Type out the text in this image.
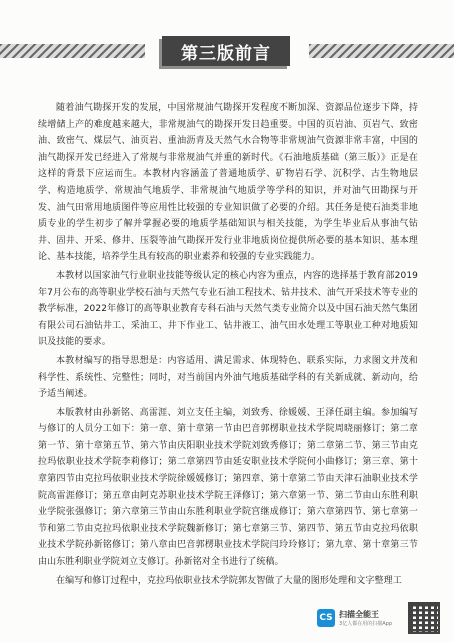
第三版前言

随着油气勘探开发的发展，中国常规油气勘探开发程度不断加深、资源品位逐步下降，持续增储上产的难度越来越大，非常规油气的勘探开发日趋重要。中国的页岩油、页岩气、致密油、致密气、煤层气、油页岩、重油沥青及天然气水合物等非常规油气资源非常丰富，中国的油气勘探开发已经进入了常规与非常规油气并重的新时代。《石油地质基础（第三版）》正是在这样的背景下应运而生。本教材内容涵盖了普通地质学、矿物岩石学、沉积学、古生物地层学、构造地质学、常规油气地质学、非常规油气地质学等学科的知识，并对油气田勘探与开发、油气田常用地质图件等应用性比较强的专业知识做了必要的介绍。其任务是使石油类非地质专业的学生初步了解并掌握必要的地质学基础知识与相关技能，为学生毕业后从事油气钻井、固井、开采、修井、压裂等油气勘探开发行业非地质岗位提供所必要的基本知识、基本理论、基本技能，培养学生具有较高的职业素养和较强的专业实践能力。

本教材以国家油气行业职业技能等级认定的核心内容为重点，内容的选择基于教育部2019年7月公布的高等职业学校石油与天然气专业石油工程技术、钻井技术、油气开采技术等专业的教学标准，2022年修订的高等职业教育专科石油与天然气类专业简介以及中国石油天然气集团有限公司石油钻井工、采油工、井下作业工、钻井液工、油气田水处理工等职业工种对地质知识及技能的要求。

本教材编写的指导思想是：内容适用、满足需求、体现特色、联系实际，力求图文并茂和科学性、系统性、完整性；同时，对当前国内外油气地质基础学科的有关新成就、新动向，给予适当阐述。

本版教材由孙新铭、高雷涯、刘立支任主编，刘致秀、徐媛媛、王泽任副主编。参加编写与修订的人员分工如下：第一章、第十章第一节由巴音郭楞职业技术学院周晓丽修订；第二章第一节、第十章第五节、第六节由庆阳职业技术学院刘致秀修订；第二章第二节、第三节由克拉玛依职业技术学院李莉修订；第二章第四节由延安职业技术学院何小曲修订；第三章、第十章第四节由克拉玛依职业技术学院徐媛媛修订；第四章、第十章第二节由天津石油职业技术学院高雷涯修订；第五章由阿克苏职业技术学院王泽修订；第六章第一节、第二节由山东胜利职业学院张强修订；第六章第三节由山东胜利职业学院宫继成修订；第六章第四节、第七章第一节和第二节由克拉玛依职业技术学院魏新修订；第七章第三节、第四节、第五节由克拉玛依职业技术学院孙新铭修订；第八章由巴音郭楞职业技术学院闫玲玲修订；第九章、第十章第三节由山东胜利职业学院刘立支修订。孙新铭对全书进行了统稿。

在编写和修订过程中，克拉玛依职业技术学院郭友智做了大量的图形处理和文字整理工

CS 扫描全能王
3亿人都在用的扫描App
